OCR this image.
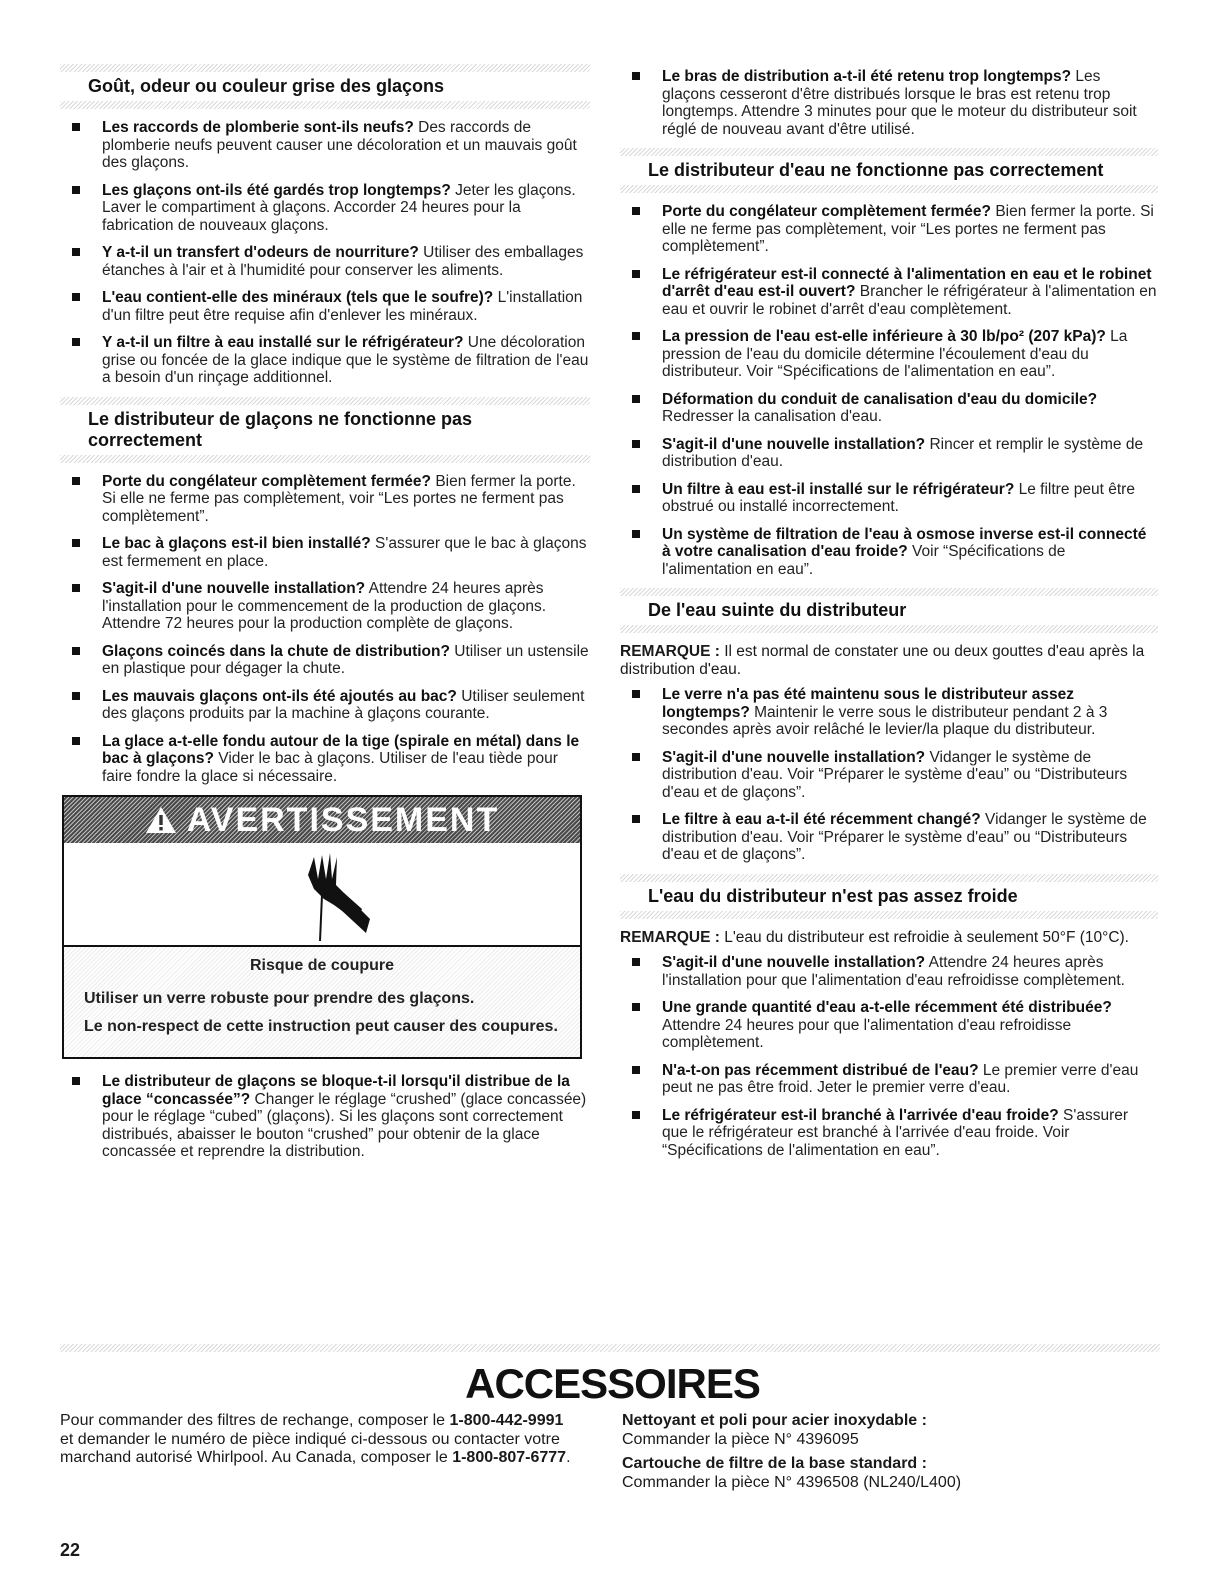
Goût, odeur ou couleur grise des glaçons
Les raccords de plomberie sont-ils neufs? Des raccords de plomberie neufs peuvent causer une décoloration et un mauvais goût des glaçons.
Les glaçons ont-ils été gardés trop longtemps? Jeter les glaçons. Laver le compartiment à glaçons. Accorder 24 heures pour la fabrication de nouveaux glaçons.
Y a-t-il un transfert d'odeurs de nourriture? Utiliser des emballages étanches à l'air et à l'humidité pour conserver les aliments.
L'eau contient-elle des minéraux (tels que le soufre)? L'installation d'un filtre peut être requise afin d'enlever les minéraux.
Y a-t-il un filtre à eau installé sur le réfrigérateur? Une décoloration grise ou foncée de la glace indique que le système de filtration de l'eau a besoin d'un rinçage additionnel.
Le distributeur de glaçons ne fonctionne pas correctement
Porte du congélateur complètement fermée? Bien fermer la porte. Si elle ne ferme pas complètement, voir “Les portes ne ferment pas complètement”.
Le bac à glaçons est-il bien installé? S'assurer que le bac à glaçons est fermement en place.
S'agit-il d'une nouvelle installation? Attendre 24 heures après l'installation pour le commencement de la production de glaçons. Attendre 72 heures pour la production complète de glaçons.
Glaçons coincés dans la chute de distribution? Utiliser un ustensile en plastique pour dégager la chute.
Les mauvais glaçons ont-ils été ajoutés au bac? Utiliser seulement des glaçons produits par la machine à glaçons courante.
La glace a-t-elle fondu autour de la tige (spirale en métal) dans le bac à glaçons? Vider le bac à glaçons. Utiliser de l'eau tiède pour faire fondre la glace si nécessaire.
AVERTISSEMENT
Risque de coupure
Utiliser un verre robuste pour prendre des glaçons.
Le non-respect de cette instruction peut causer des coupures.
Le distributeur de glaçons se bloque-t-il lorsqu'il distribue de la glace “concassée”? Changer le réglage “crushed” (glace concassée) pour le réglage “cubed” (glaçons). Si les glaçons sont correctement distribués, abaisser le bouton “crushed” pour obtenir de la glace concassée et reprendre la distribution.
Le bras de distribution a-t-il été retenu trop longtemps? Les glaçons cesseront d'être distribués lorsque le bras est retenu trop longtemps. Attendre 3 minutes pour que le moteur du distributeur soit réglé de nouveau avant d'être utilisé.
Le distributeur d'eau ne fonctionne pas correctement
Porte du congélateur complètement fermée? Bien fermer la porte. Si elle ne ferme pas complètement, voir “Les portes ne ferment pas complètement”.
Le réfrigérateur est-il connecté à l'alimentation en eau et le robinet d'arrêt d'eau est-il ouvert? Brancher le réfrigérateur à l'alimentation en eau et ouvrir le robinet d'arrêt d'eau complètement.
La pression de l'eau est-elle inférieure à 30 lb/po² (207 kPa)? La pression de l'eau du domicile détermine l'écoulement d'eau du distributeur. Voir “Spécifications de l'alimentation en eau”.
Déformation du conduit de canalisation d'eau du domicile? Redresser la canalisation d'eau.
S'agit-il d'une nouvelle installation? Rincer et remplir le système de distribution d'eau.
Un filtre à eau est-il installé sur le réfrigérateur? Le filtre peut être obstrué ou installé incorrectement.
Un système de filtration de l'eau à osmose inverse est-il connecté à votre canalisation d'eau froide? Voir “Spécifications de l'alimentation en eau”.
De l'eau suinte du distributeur
REMARQUE : Il est normal de constater une ou deux gouttes d'eau après la distribution d'eau.
Le verre n'a pas été maintenu sous le distributeur assez longtemps? Maintenir le verre sous le distributeur pendant 2 à 3 secondes après avoir relâché le levier/la plaque du distributeur.
S'agit-il d'une nouvelle installation? Vidanger le système de distribution d'eau. Voir “Préparer le système d'eau” ou “Distributeurs d'eau et de glaçons”.
Le filtre à eau a-t-il été récemment changé? Vidanger le système de distribution d'eau. Voir “Préparer le système d'eau” ou “Distributeurs d'eau et de glaçons”.
L'eau du distributeur n'est pas assez froide
REMARQUE : L'eau du distributeur est refroidie à seulement 50°F (10°C).
S'agit-il d'une nouvelle installation? Attendre 24 heures après l'installation pour que l'alimentation d'eau refroidisse complètement.
Une grande quantité d'eau a-t-elle récemment été distribuée? Attendre 24 heures pour que l'alimentation d'eau refroidisse complètement.
N'a-t-on pas récemment distribué de l'eau? Le premier verre d'eau peut ne pas être froid. Jeter le premier verre d'eau.
Le réfrigérateur est-il branché à l'arrivée d'eau froide? S'assurer que le réfrigérateur est branché à l'arrivée d'eau froide. Voir “Spécifications de l'alimentation en eau”.
ACCESSOIRES
Pour commander des filtres de rechange, composer le 1-800-442-9991 et demander le numéro de pièce indiqué ci-dessous ou contacter votre marchand autorisé Whirlpool. Au Canada, composer le 1-800-807-6777.
Nettoyant et poli pour acier inoxydable :
Commander la pièce N° 4396095
Cartouche de filtre de la base standard :
Commander la pièce N° 4396508 (NL240/L400)
22
